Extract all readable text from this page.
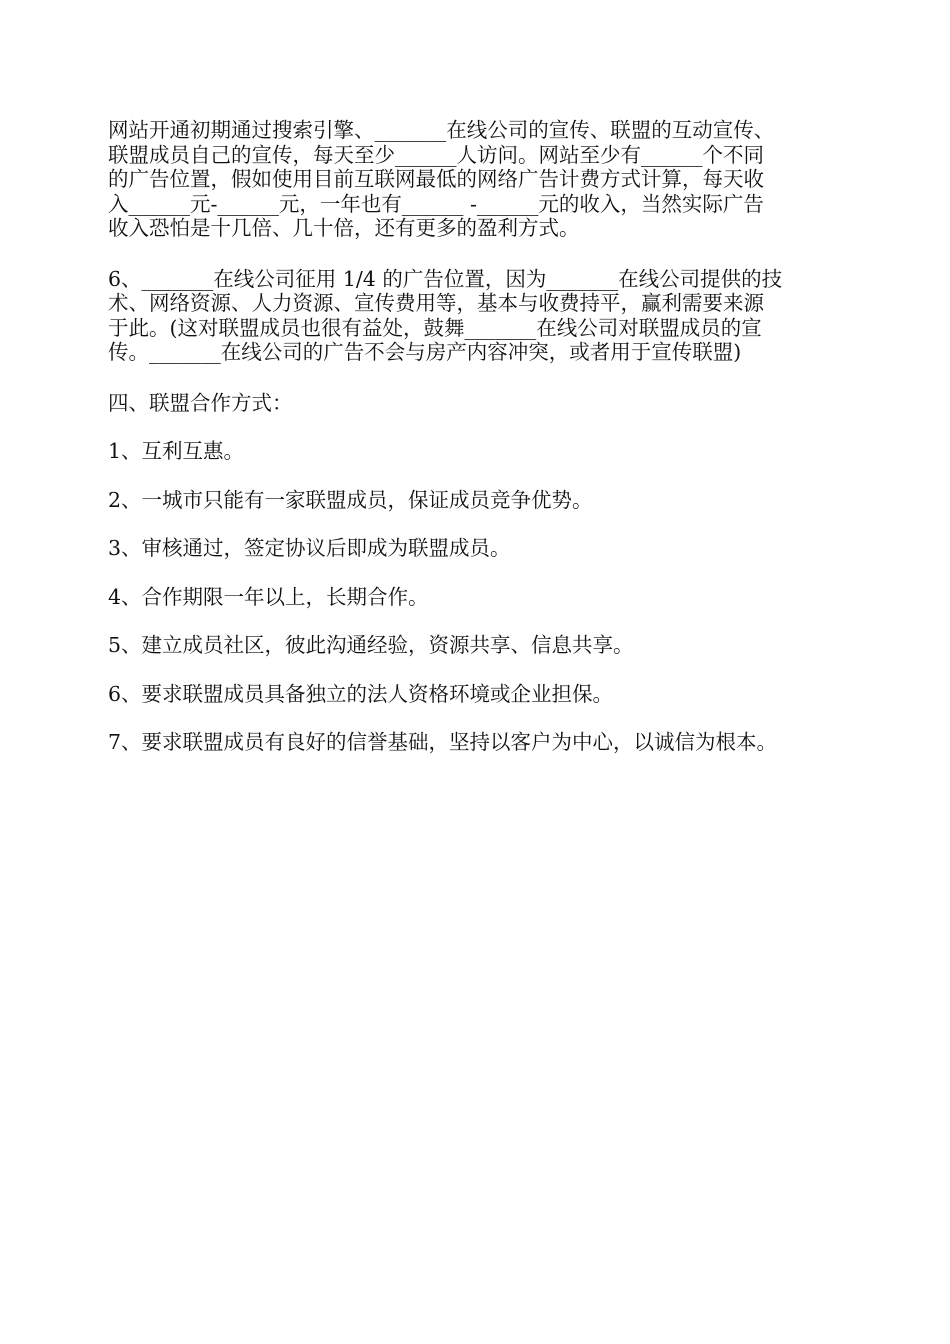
网站开通初期通过搜索引擎、_______在线公司的宣传、联盟的互动宣传、
联盟成员自己的宣传，每天至少______人访问。网站至少有______个不同
的广告位置，假如使用目前互联网最低的网络广告计费方式计算，每天收
入______元-______元，一年也有______ -______元的收入，当然实际广告
收入恐怕是十几倍、几十倍，还有更多的盈利方式。
6、_______在线公司征用 1/4 的广告位置，因为_______在线公司提供的技
术、网络资源、人力资源、宣传费用等，基本与收费持平，赢利需要来源
于此。(这对联盟成员也很有益处，鼓舞_______在线公司对联盟成员的宣
传。_______在线公司的广告不会与房产内容冲突，或者用于宣传联盟)
四、联盟合作方式：
1、互利互惠。
2、一城市只能有一家联盟成员，保证成员竞争优势。
3、审核通过，签定协议后即成为联盟成员。
4、合作期限一年以上，长期合作。
5、建立成员社区，彼此沟通经验，资源共享、信息共享。
6、要求联盟成员具备独立的法人资格环境或企业担保。
7、要求联盟成员有良好的信誉基础，坚持以客户为中心，以诚信为根本。
